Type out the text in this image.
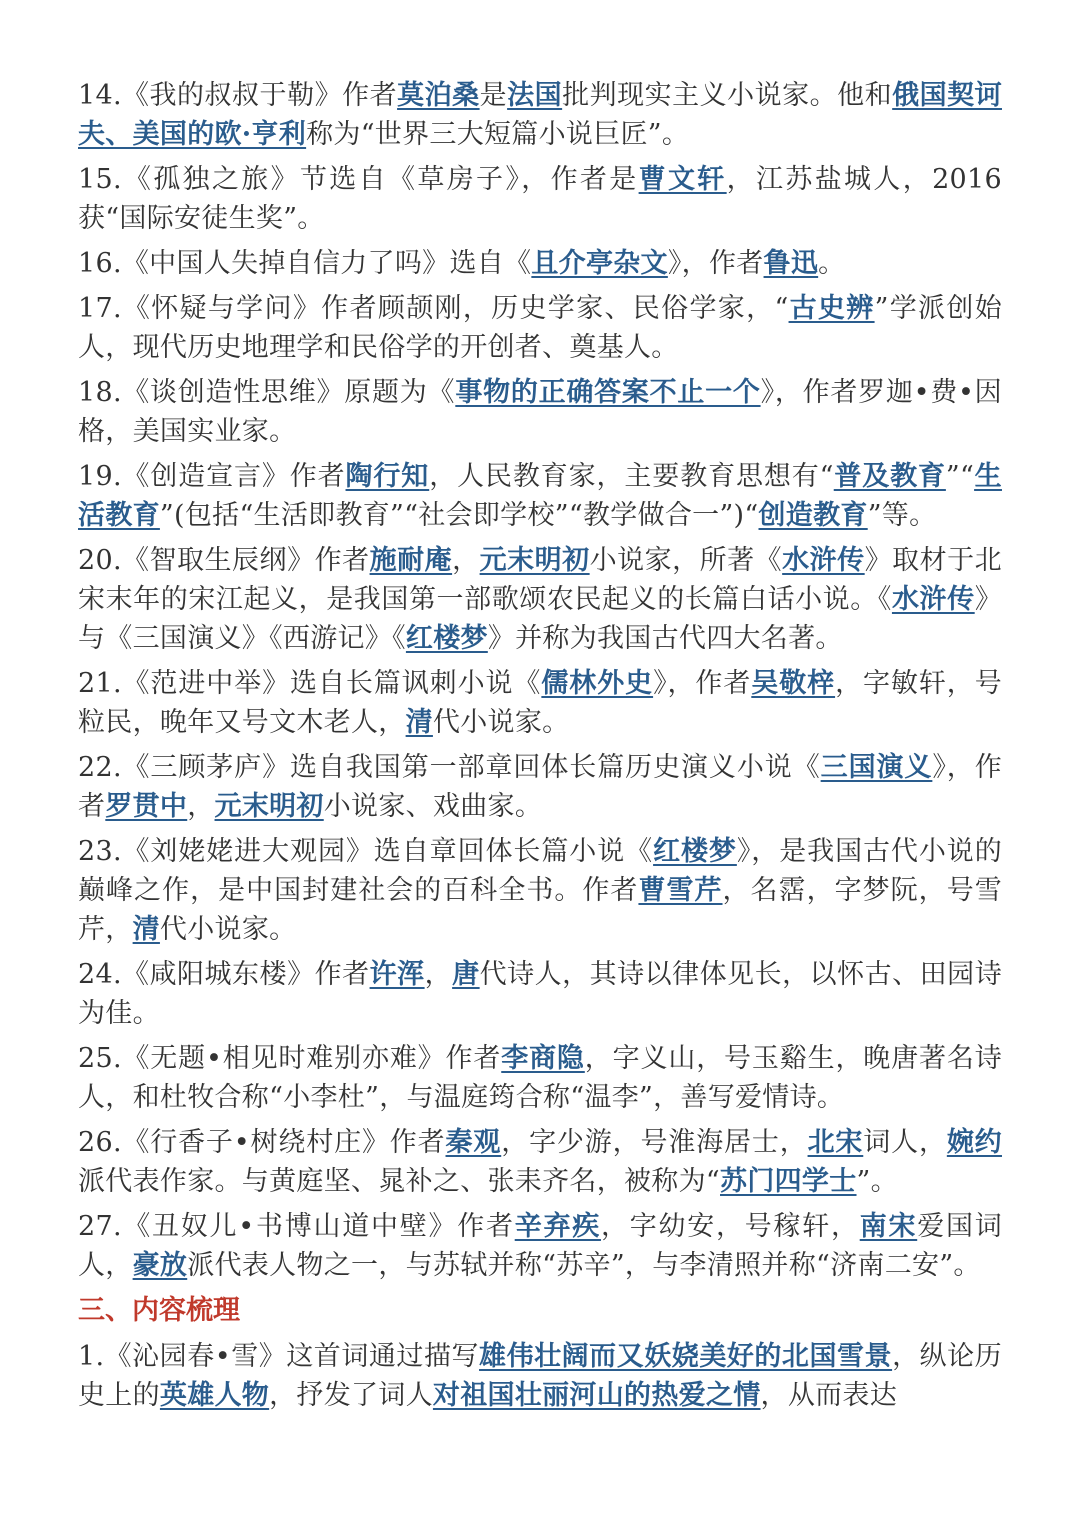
14.《我的叔叔于勒》作者莫泊桑是法国批判现实主义小说家。他和俄国契诃夫、美国的欧·亨利称为“世界三大短篇小说巨匠”。

15.《孤独之旅》节选自《草房子》，作者是曹文轩，江苏盐城人，2016 获“国际安徒生奖”。

16.《中国人失掉自信力了吗》选自《且介亭杂文》，作者鲁迅。

17.《怀疑与学问》作者顾颉刚，历史学家、民俗学家，“古史辨”学派创始人，现代历史地理学和民俗学的开创者、奠基人。

18.《谈创造性思维》原题为《事物的正确答案不止一个》，作者罗迦•费•因格，美国实业家。

19.《创造宣言》作者陶行知，人民教育家，主要教育思想有“普及教育”“生活教育”(包括“生活即教育”“社会即学校”“教学做合一”)“创造教育”等。

20.《智取生辰纲》作者施耐庵，元末明初小说家，所著《水浒传》取材于北宋末年的宋江起义，是我国第一部歌颂农民起义的长篇白话小说。《水浒传》与《三国演义》《西游记》《红楼梦》并称为我国古代四大名著。

21.《范进中举》选自长篇讽刺小说《儒林外史》，作者吴敬梓，字敏轩，号粒民，晚年又号文木老人，清代小说家。

22.《三顾茅庐》选自我国第一部章回体长篇历史演义小说《三国演义》，作者罗贯中，元末明初小说家、戏曲家。

23.《刘姥姥进大观园》选自章回体长篇小说《红楼梦》，是我国古代小说的巅峰之作，是中国封建社会的百科全书。作者曹雪芹，名霑，字梦阮，号雪芹，清代小说家。

24.《咸阳城东楼》作者许浑，唐代诗人，其诗以律体见长，以怀古、田园诗为佳。

25.《无题•相见时难别亦难》作者李商隐，字义山，号玉谿生，晚唐著名诗人，和杜牧合称“小李杜”，与温庭筠合称“温李”，善写爱情诗。

26.《行香子•树绕村庄》作者秦观，字少游，号淮海居士，北宋词人，婉约派代表作家。与黄庭坚、晁补之、张耒齐名，被称为“苏门四学士”。

27.《丑奴儿•书博山道中壁》作者辛弃疾，字幼安，号稼轩，南宋爱国词人，豪放派代表人物之一，与苏轼并称“苏辛”，与李清照并称“济南二安”。

三、内容梳理

1.《沁园春•雪》这首词通过描写雄伟壮阔而又妖娆美好的北国雪景，纵论历史上的英雄人物，抒发了词人对祖国壮丽河山的热爱之情，从而表达
